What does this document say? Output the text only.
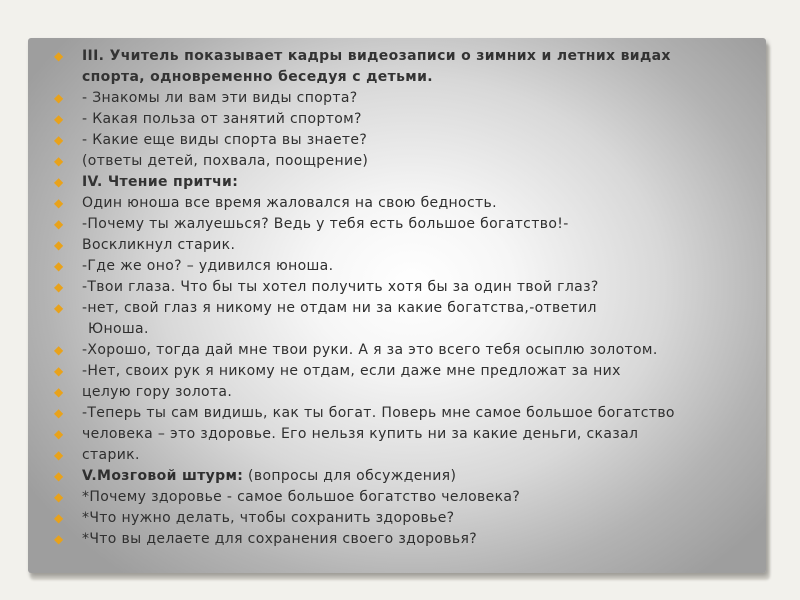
◆ III. Учитель показывает кадры видеозаписи о зимних и летних видах
спорта, одновременно беседуя с детьми.
◆ - Знакомы ли вам эти виды спорта?
◆ - Какая польза от занятий спортом?
◆ - Какие еще виды спорта вы знаете?
◆ (ответы детей, похвала, поощрение)
◆ IV. Чтение притчи:
◆ Один юноша все время жаловался на свою бедность.
◆ -Почему ты жалуешься? Ведь у тебя есть большое богатство!-
◆ Воскликнул старик.
◆ -Где же оно? – удивился юноша.
◆ -Твои глаза. Что бы ты хотел получить хотя бы за один твой глаз?
◆ -нет, свой глаз я никому не отдам ни за какие богатства,-ответил
Юноша.
◆ -Хорошо, тогда дай мне твои руки. А я за это всего тебя осыплю золотом.
◆ -Нет, своих рук я никому не отдам, если даже мне предложат за них
◆ целую гору золота.
◆ -Теперь ты сам видишь, как ты богат. Поверь мне самое большое богатство
◆ человека – это здоровье. Его нельзя купить ни за какие деньги, сказал
◆ старик.
◆ V.Мозговой штурм: (вопросы для обсуждения)
◆ *Почему здоровье - самое большое богатство человека?
◆ *Что нужно делать, чтобы сохранить здоровье?
◆ *Что вы делаете для сохранения своего здоровья?
